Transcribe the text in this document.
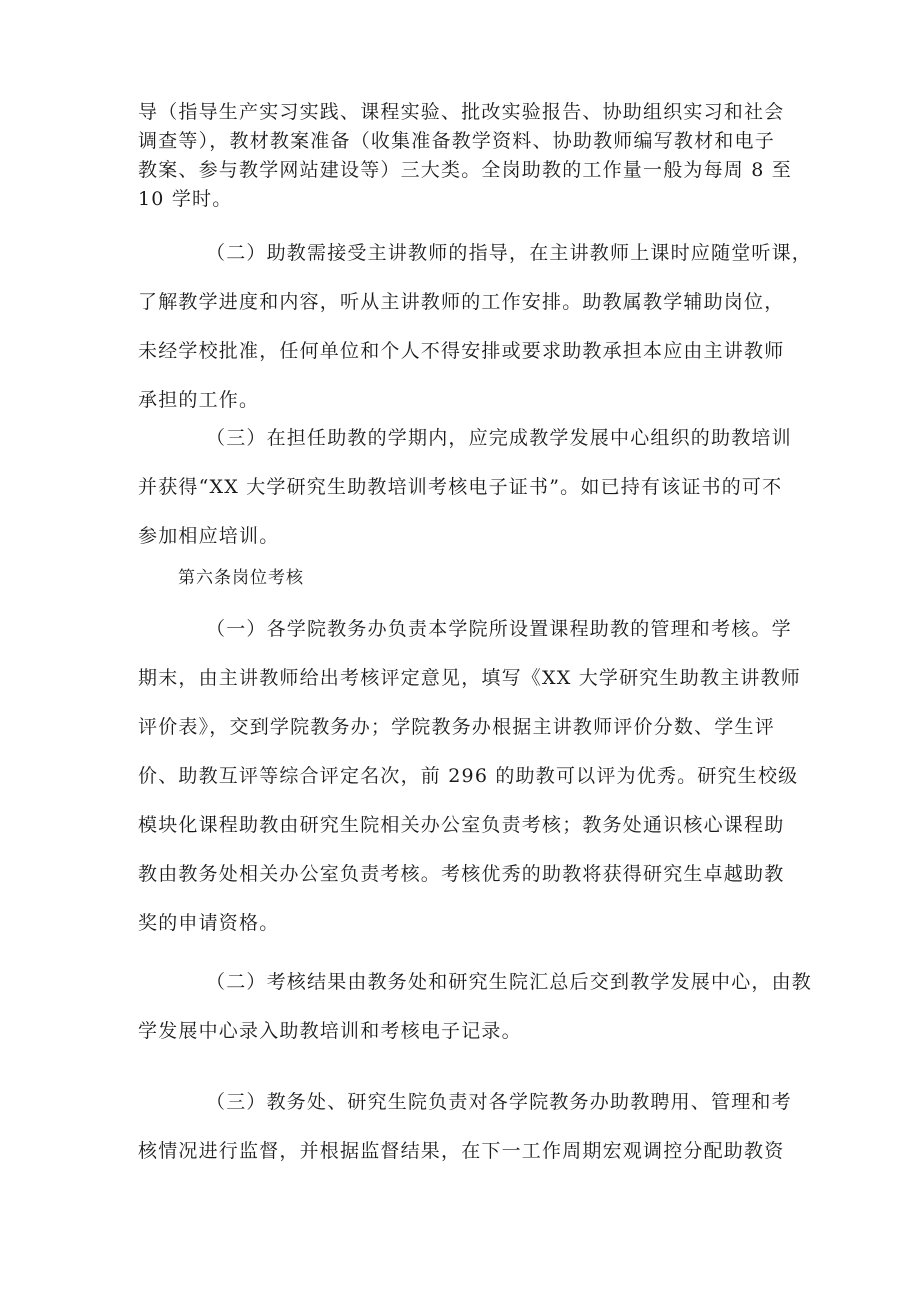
导（指导生产实习实践、课程实验、批改实验报告、协助组织实习和社会
调查等），教材教案准备（收集准备教学资料、协助教师编写教材和电子
教案、参与教学网站建设等）三大类。全岗助教的工作量一般为每周 8 至
10 学时。
（二）助教需接受主讲教师的指导，在主讲教师上课时应随堂听课，
了解教学进度和内容，听从主讲教师的工作安排。助教属教学辅助岗位，
未经学校批准，任何单位和个人不得安排或要求助教承担本应由主讲教师
承担的工作。
（三）在担任助教的学期内，应完成教学发展中心组织的助教培训
并获得“XX 大学研究生助教培训考核电子证书”。如已持有该证书的可不
参加相应培训。
第六条岗位考核
（一）各学院教务办负责本学院所设置课程助教的管理和考核。学
期末，由主讲教师给出考核评定意见，填写《XX 大学研究生助教主讲教师
评价表》，交到学院教务办；学院教务办根据主讲教师评价分数、学生评
价、助教互评等综合评定名次，前 296 的助教可以评为优秀。研究生校级
模块化课程助教由研究生院相关办公室负责考核；教务处通识核心课程助
教由教务处相关办公室负责考核。考核优秀的助教将获得研究生卓越助教
奖的申请资格。
（二）考核结果由教务处和研究生院汇总后交到教学发展中心，由教
学发展中心录入助教培训和考核电子记录。
（三）教务处、研究生院负责对各学院教务办助教聘用、管理和考
核情况进行监督，并根据监督结果，在下一工作周期宏观调控分配助教资
